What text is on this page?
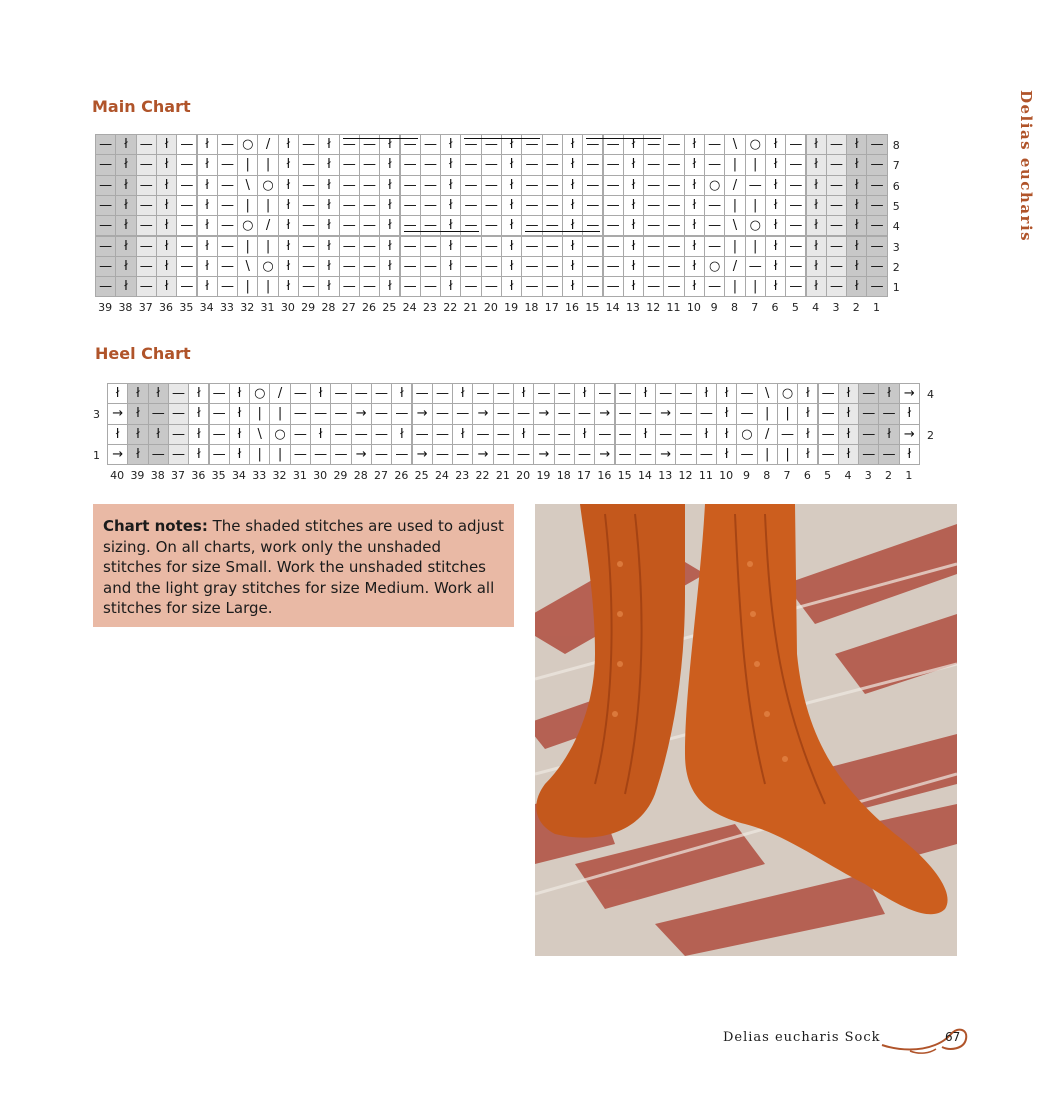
Delias eucharis
Main Chart
— ł — ł — ł — ○ /	ł — ł — — ł — — ł — — ł — — ł — — ł — — ł — \ ○ ł — ł — ł — 8
— ł — ł — ł — |	|	ł — ł — — ł — — ł — — ł — — ł — — ł — — ł — |	|	ł — ł — ł — 7
— ł — ł — ł — \ ○ ł — ł — — ł — — ł — — ł — — ł — — ł — — ł ○ / — ł — ł — ł — 6
— ł — ł — ł — |	|	ł — ł — — ł — — ł — — ł — — ł — — ł — — ł — |	|	ł — ł — ł — 5
— ł — ł — ł — ○ /	ł — ł — — ł — — ł — — ł — — ł — — ł — — ł — \ ○ ł — ł — ł — 4
— ł — ł — ł — |	|	ł — ł — — ł — — ł — — ł — — ł — — ł — — ł — |	|	ł — ł — ł — 3
— ł — ł — ł — \ ○ ł — ł — — ł — — ł — — ł — — ł — — ł — — ł ○ / — ł — ł — ł — 2
— ł — ł — ł — |	|	ł — ł — — ł — — ł — — ł — — ł — — ł — — ł — |	|	ł — ł — ł — 1
39 38 37 36 35 34 33 32 31 30 29 28 27 26 25 24 23 22 21 20 19 18 17 16 15 14 13 12 11 10 9	8	7	6	5	4	3	2	1
Heel Chart
ł	ł	ł — ł — ł ○ / — ł — — — ł — — ł — — ł — — ł — — ł — — ł	ł — \ ○ ł — ł — ł →
→	ł — — ł — ł	|	| — — — → — — → — — → — — → — — → — — → — — ł — |	|	ł — ł — — ł
ł	ł	ł — ł — ł	\ ○ — ł — — — ł — — ł — — ł — — ł — — ł — — ł	ł ○ / — ł — ł — ł →
→	ł — — ł — ł	|	| — — — → — — → — — → — — → — — → — — → — — ł — |	|	ł — ł — — ł
4
2
3
1
40 39 38 37 36 35 34 33 32 31 30 29 28 27 26 25 24 23 22 21 20 19 18 17 16 15 14 13 12 11 10 9	8	7	6	5	4	3	2	1
Chart notes: The shaded stitches are used to adjust sizing. On all charts, work only the unshaded stitches for size Small. Work the unshaded stitches and the light gray stitches for size Medium. Work all stitches for size Large.
Delias eucharis Sock	67
